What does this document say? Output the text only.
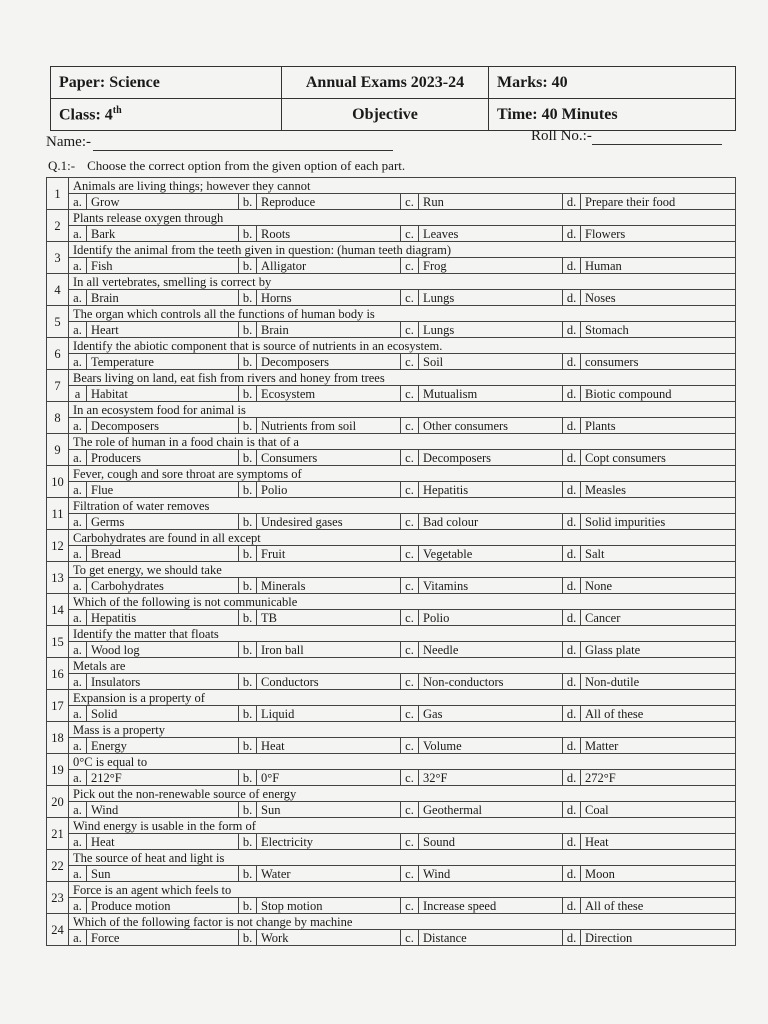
Paper: Science	Annual Exams 2023-24	Marks: 40
Class: 4th	Objective	Time: 40 Minutes
Name:-	Roll No.:-
Q.1:- Choose the correct option from the given option of each part.
1	Animals are living things; however they cannot							
	a.	Grow	b.	Reproduce	c.	Run	d.	Prepare their food
2	Plants release oxygen through							
	a.	Bark	b.	Roots	c.	Leaves	d.	Flowers
3	Identify the animal from the teeth given in question: (human teeth diagram)							
	a.	Fish	b.	Alligator	c.	Frog	d.	Human
4	In all vertebrates, smelling is correct by							
	a.	Brain	b.	Horns	c.	Lungs	d.	Noses
5	The organ which controls all the functions of human body is							
	a.	Heart	b.	Brain	c.	Lungs	d.	Stomach
6	Identify the abiotic component that is source of nutrients in an ecosystem.							
	a.	Temperature	b.	Decomposers	c.	Soil	d.	consumers
7	Bears living on land, eat fish from rivers and honey from trees							
	a	Habitat	b.	Ecosystem	c.	Mutualism	d.	Biotic compound
8	In an ecosystem food for animal is							
	a.	Decomposers	b.	Nutrients from soil	c.	Other consumers	d.	Plants
9	The role of human in a food chain is that of a							
	a.	Producers	b.	Consumers	c.	Decomposers	d.	Copt consumers
10	Fever, cough and sore throat are symptoms of							
	a.	Flue	b.	Polio	c.	Hepatitis	d.	Measles
11	Filtration of water removes							
	a.	Germs	b.	Undesired gases	c.	Bad colour	d.	Solid impurities
12	Carbohydrates are found in all except							
	a.	Bread	b.	Fruit	c.	Vegetable	d.	Salt
13	To get energy, we should take							
	a.	Carbohydrates	b.	Minerals	c.	Vitamins	d.	None
14	Which of the following is not communicable							
	a.	Hepatitis	b.	TB	c.	Polio	d.	Cancer
15	Identify the matter that floats							
	a.	Wood log	b.	Iron ball	c.	Needle	d.	Glass plate
16	Metals are							
	a.	Insulators	b.	Conductors	c.	Non-conductors	d.	Non-dutile
17	Expansion is a property of							
	a.	Solid	b.	Liquid	c.	Gas	d.	All of these
18	Mass is a property							
	a.	Energy	b.	Heat	c.	Volume	d.	Matter
19	0°C is equal to							
	a.	212°F	b.	0°F	c.	32°F	d.	272°F
20	Pick out the non-renewable source of energy							
	a.	Wind	b.	Sun	c.	Geothermal	d.	Coal
21	Wind energy is usable in the form of							
	a.	Heat	b.	Electricity	c.	Sound	d.	Heat
22	The source of heat and light is							
	a.	Sun	b.	Water	c.	Wind	d.	Moon
23	Force is an agent which feels to							
	a.	Produce motion	b.	Stop motion	c.	Increase speed	d.	All of these
24	Which of the following factor is not change by machine							
	a.	Force	b.	Work	c.	Distance	d.	Direction
